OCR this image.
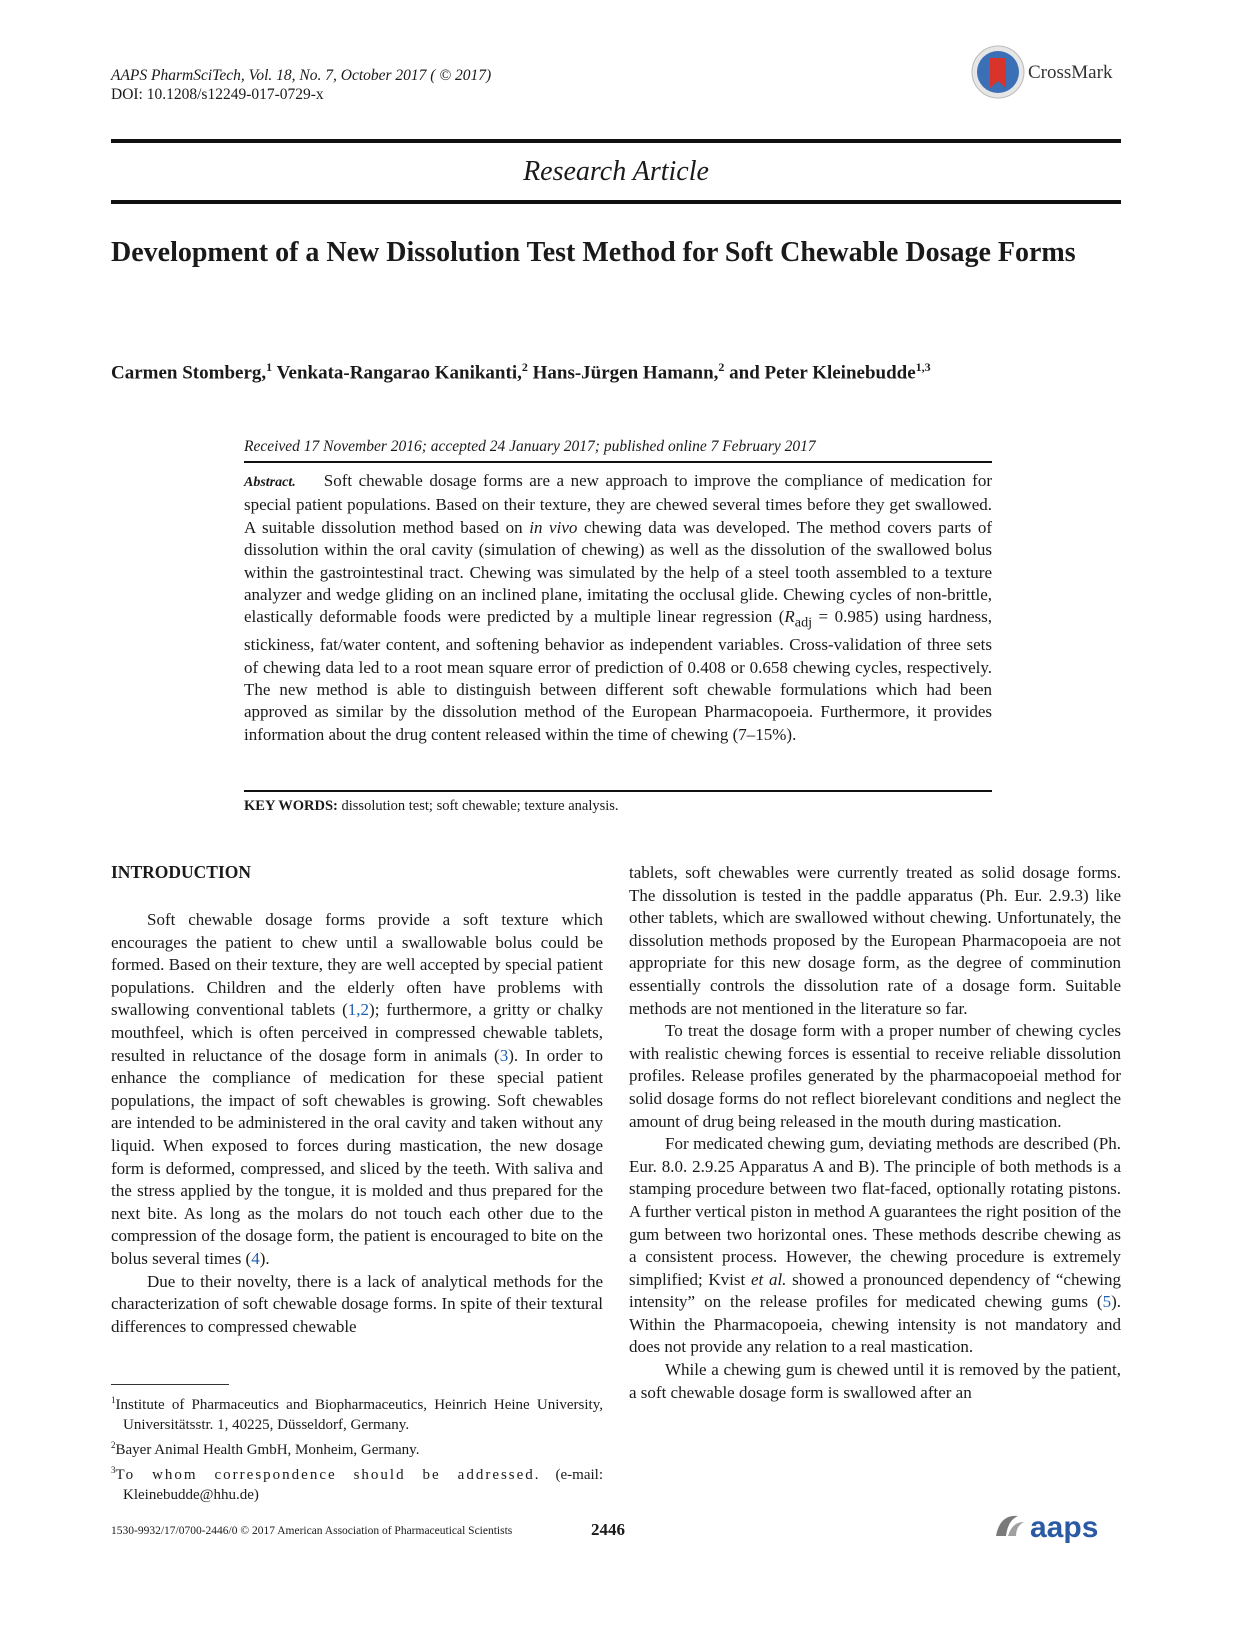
AAPS PharmSciTech, Vol. 18, No. 7, October 2017 ( © 2017)
DOI: 10.1208/s12249-017-0729-x
CrossMark
Research Article
Development of a New Dissolution Test Method for Soft Chewable Dosage Forms
Carmen Stomberg,$^1$ Venkata-Rangarao Kanikanti,$^2$ Hans-Jürgen Hamann,$^2$ and Peter Kleinebudde$^{1,3}$
Received 17 November 2016; accepted 24 January 2017; published online 7 February 2017
Abstract. Soft chewable dosage forms are a new approach to improve the compliance of medication for special patient populations. Based on their texture, they are chewed several times before they get swallowed. A suitable dissolution method based on in vivo chewing data was developed. The method covers parts of dissolution within the oral cavity (simulation of chewing) as well as the dissolution of the swallowed bolus within the gastrointestinal tract. Chewing was simulated by the help of a steel tooth assembled to a texture analyzer and wedge gliding on an inclined plane, imitating the occlusal glide. Chewing cycles of non-brittle, elastically deformable foods were predicted by a multiple linear regression $(R_{adj} = 0.985)$ using hardness, stickiness, fat/water content, and softening behavior as independent variables. Cross-validation of three sets of chewing data led to a root mean square error of prediction of 0.408 or 0.658 chewing cycles, respectively. The new method is able to distinguish between different soft chewable formulations which had been approved as similar by the dissolution method of the European Pharmacopoeia. Furthermore, it provides information about the drug content released within the time of chewing (7–15%).
KEY WORDS: dissolution test; soft chewable; texture analysis.
INTRODUCTION

Soft chewable dosage forms provide a soft texture which encourages the patient to chew until a swallowable bolus could be formed. Based on their texture, they are well accepted by special patient populations. Children and the elderly often have problems with swallowing conventional tablets (1,2); furthermore, a gritty or chalky mouthfeel, which is often perceived in compressed chewable tablets, resulted in reluctance of the dosage form in animals (3). In order to enhance the compliance of medication for these special patient populations, the impact of soft chewables is growing. Soft chewables are intended to be administered in the oral cavity and taken without any liquid. When exposed to forces during mastication, the new dosage form is deformed, compressed, and sliced by the teeth. With saliva and the stress applied by the tongue, it is molded and thus prepared for the next bite. As long as the molars do not touch each other due to the compression of the dosage form, the patient is encouraged to bite on the bolus several times (4).

Due to their novelty, there is a lack of analytical methods for the characterization of soft chewable dosage forms. In spite of their textural differences to compressed chewable

tablets, soft chewables were currently treated as solid dosage forms. The dissolution is tested in the paddle apparatus (Ph. Eur. 2.9.3) like other tablets, which are swallowed without chewing. Unfortunately, the dissolution methods proposed by the European Pharmacopoeia are not appropriate for this new dosage form, as the degree of comminution essentially controls the dissolution rate of a dosage form. Suitable methods are not mentioned in the literature so far.

To treat the dosage form with a proper number of chewing cycles with realistic chewing forces is essential to receive reliable dissolution profiles. Release profiles generated by the pharmacopoeial method for solid dosage forms do not reflect biorelevant conditions and neglect the amount of drug being released in the mouth during mastication.

For medicated chewing gum, deviating methods are described (Ph. Eur. 8.0. 2.9.25 Apparatus A and B). The principle of both methods is a stamping procedure between two flat-faced, optionally rotating pistons. A further vertical piston in method A guarantees the right position of the gum between two horizontal ones. These methods describe chewing as a consistent process. However, the chewing procedure is extremely simplified; Kvist et al. showed a pronounced dependency of “chewing intensity” on the release profiles for medicated chewing gums (5). Within the Pharmacopoeia, chewing intensity is not mandatory and does not provide any relation to a real mastication.

While a chewing gum is chewed until it is removed by the patient, a soft chewable dosage form is swallowed after an

$^1$Institute of Pharmaceutics and Biopharmaceutics, Heinrich Heine University, Universitätsstr. 1, 40225, Düsseldorf, Germany.
$^2$Bayer Animal Health GmbH, Monheim, Germany.
$^3$To whom correspondence should be addressed. (e-mail: Kleinebudde@hhu.de)
1530-9932/17/0700-2446/0 © 2017 American Association of Pharmaceutical Scientists	2446	aaps
